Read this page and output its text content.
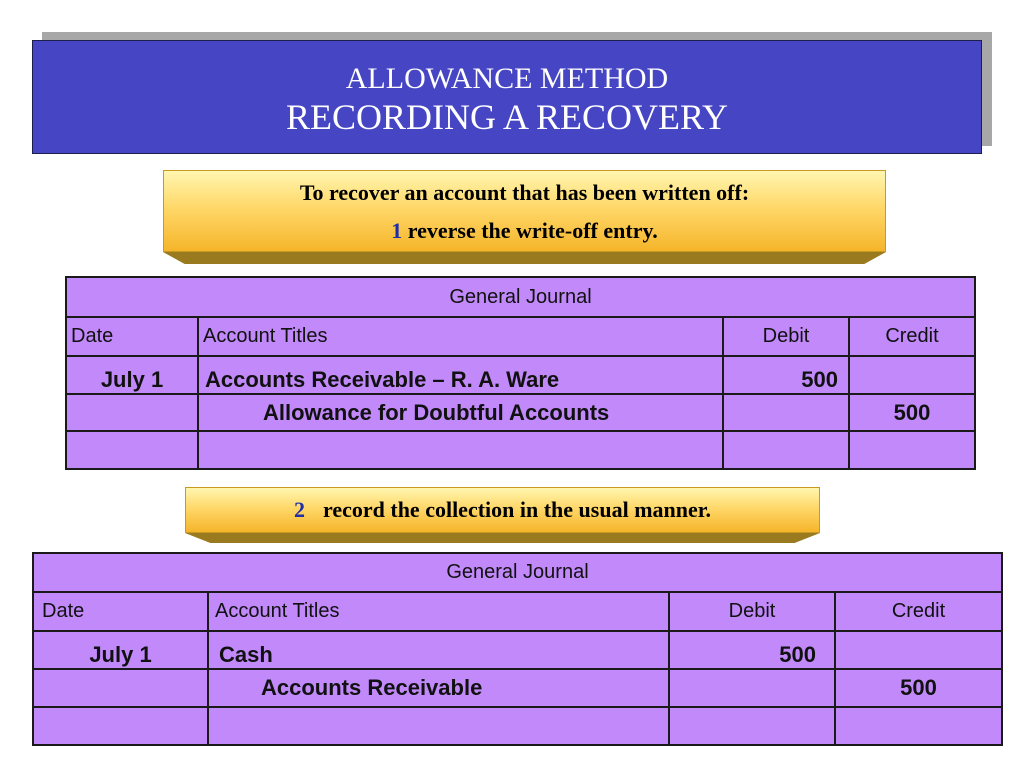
ALLOWANCE METHOD
RECORDING A RECOVERY
To recover an account that has been written off:
1 reverse the write-off entry.
General Journal			
Date	Account Titles	Debit	Credit
July 1	Accounts Receivable – R. A. Ware	500	
	Allowance for Doubtful Accounts		500

2 record the collection in the usual manner.
General Journal			
Date	Account Titles	Debit	Credit
July 1	Cash	500	
	Accounts Receivable		500
